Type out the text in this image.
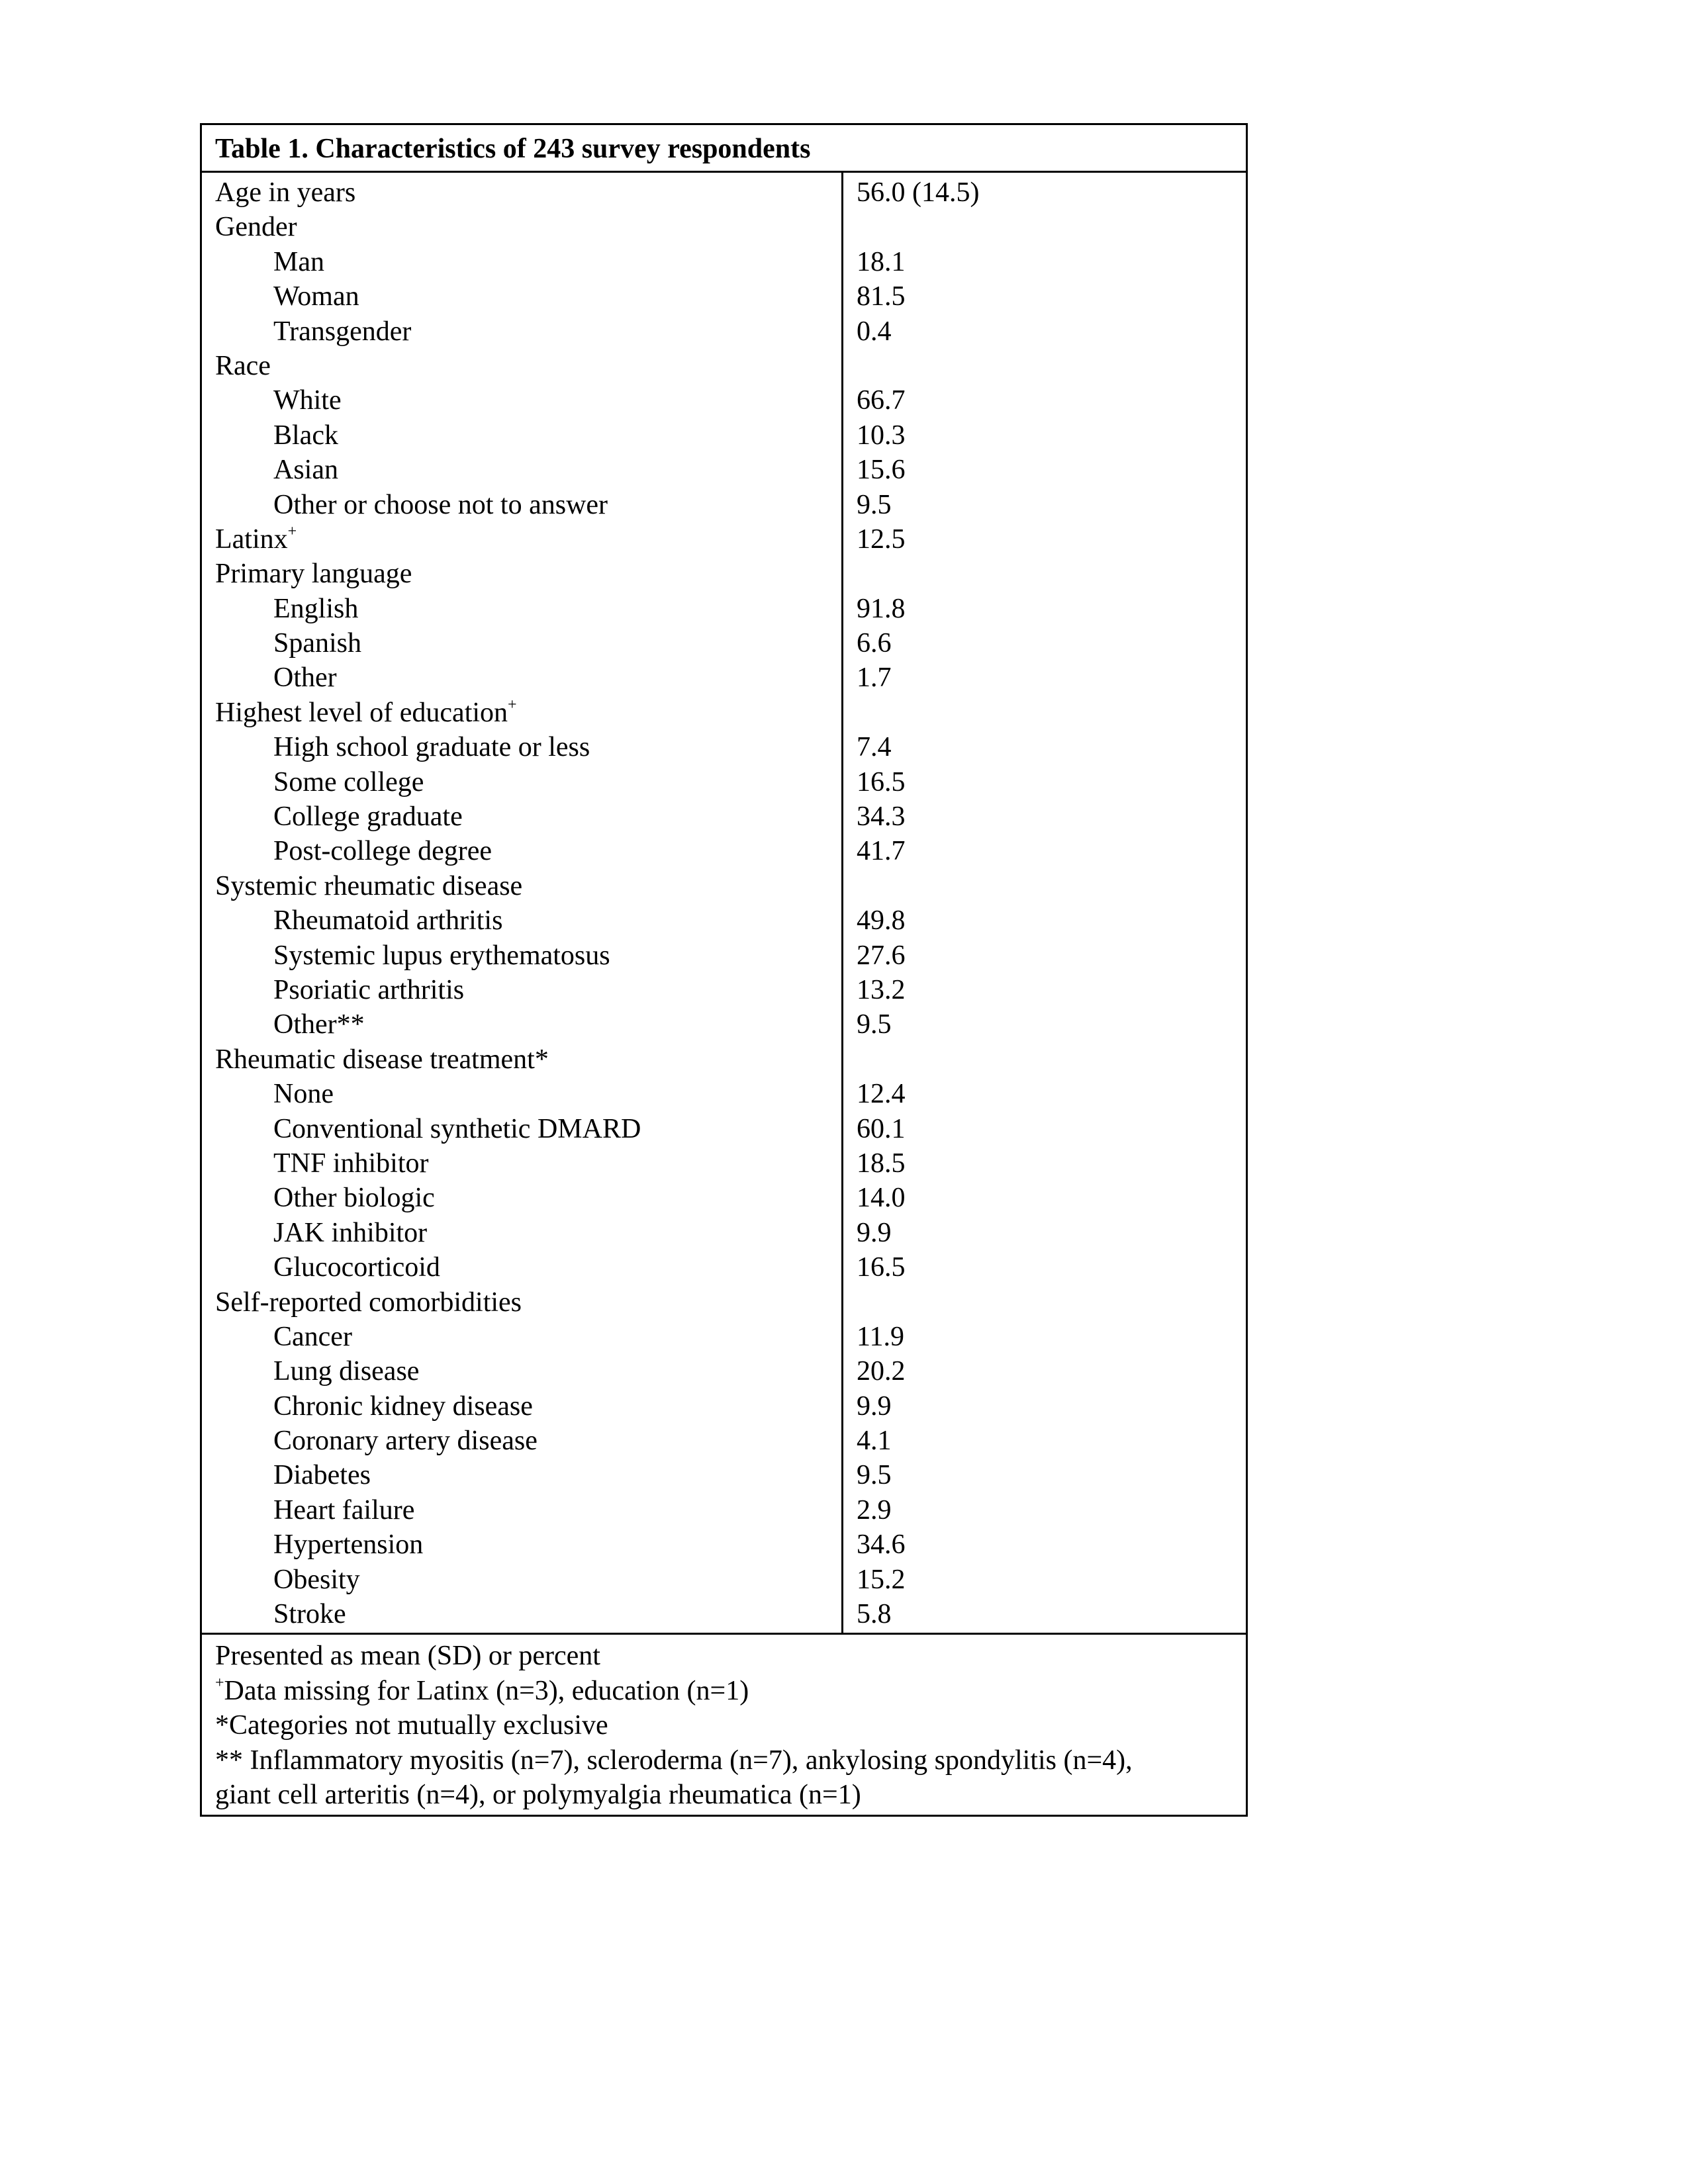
Table 1. Characteristics of 243 survey respondents
Age in years	56.0 (14.5)
Gender
Man	18.1
Woman	81.5
Transgender	0.4
Race
White	66.7
Black	10.3
Asian	15.6
Other or choose not to answer	9.5
Latinx+	12.5
Primary language
English	91.8
Spanish	6.6
Other	1.7
Highest level of education+
High school graduate or less	7.4
Some college	16.5
College graduate	34.3
Post-college degree	41.7
Systemic rheumatic disease
Rheumatoid arthritis	49.8
Systemic lupus erythematosus	27.6
Psoriatic arthritis	13.2
Other**	9.5
Rheumatic disease treatment*
None	12.4
Conventional synthetic DMARD	60.1
TNF inhibitor	18.5
Other biologic	14.0
JAK inhibitor	9.9
Glucocorticoid	16.5
Self-reported comorbidities
Cancer	11.9
Lung disease	20.2
Chronic kidney disease	9.9
Coronary artery disease	4.1
Diabetes	9.5
Heart failure	2.9
Hypertension	34.6
Obesity	15.2
Stroke	5.8
Presented as mean (SD) or percent
+Data missing for Latinx (n=3), education (n=1)
*Categories not mutually exclusive
** Inflammatory myositis (n=7), scleroderma (n=7), ankylosing spondylitis (n=4),
giant cell arteritis (n=4), or polymyalgia rheumatica (n=1)
